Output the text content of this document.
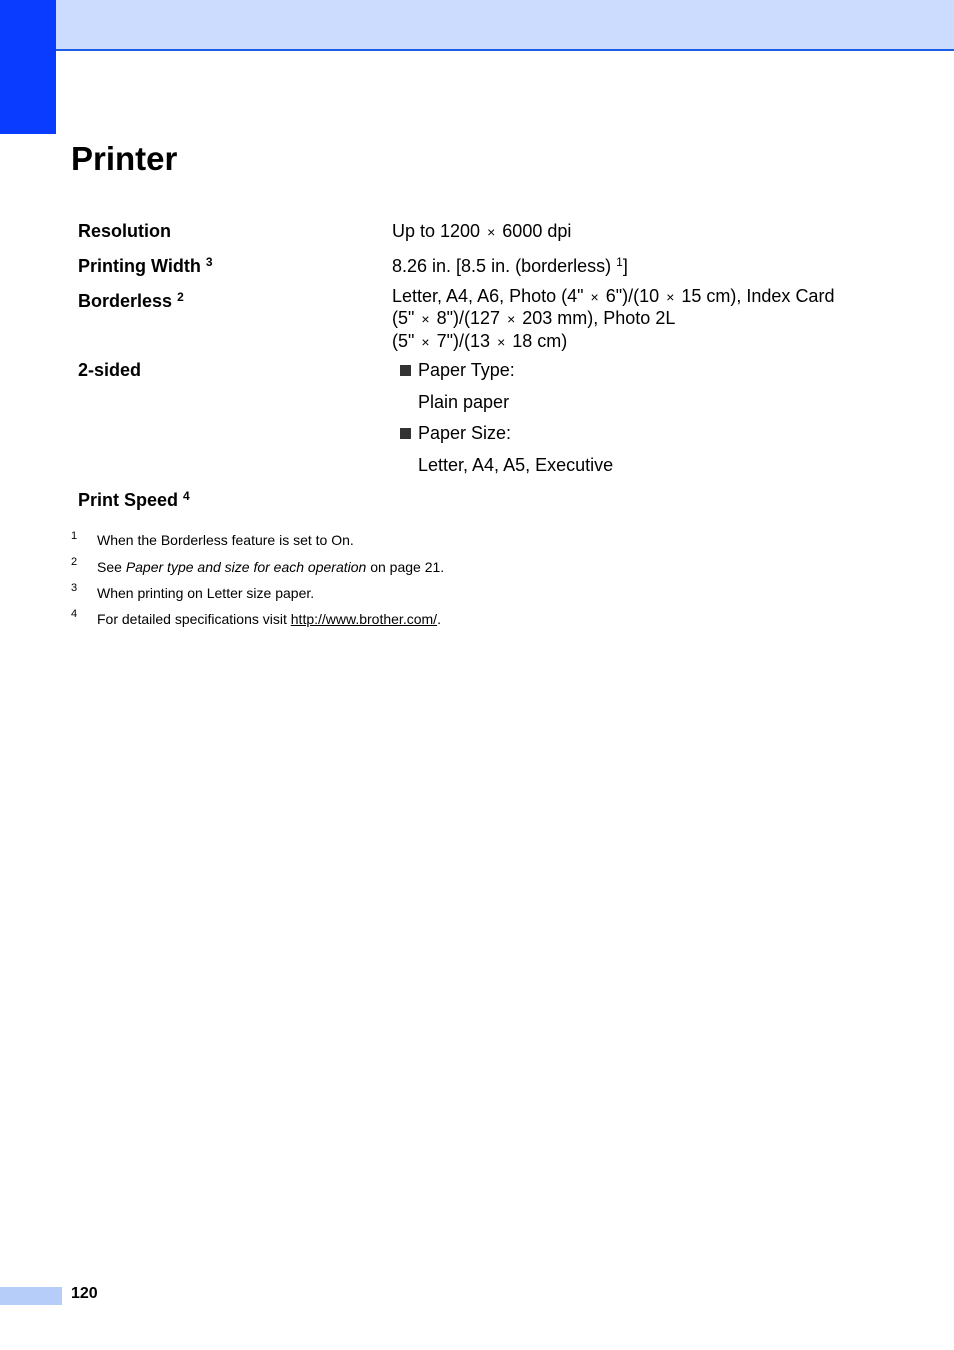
Printer
Resolution	Up to 1200 × 6000 dpi
Printing Width $^3$	8.26 in. [8.5 in. (borderless) $^1$]
Borderless $^2$	Letter, A4, A6, Photo (4" × 6")/(10 × 15 cm), Index Card
(5" × 8")/(127 × 203 mm), Photo 2L
(5" × 7")/(13 × 18 cm)
2-sided	Paper Type:
Plain paper
Paper Size:
Letter, A4, A5, Executive
Print Speed $^4$
1 When the Borderless feature is set to On.
2 See Paper type and size for each operation on page 21.
3 When printing on Letter size paper.
4 For detailed specifications visit http://www.brother.com/.
120
